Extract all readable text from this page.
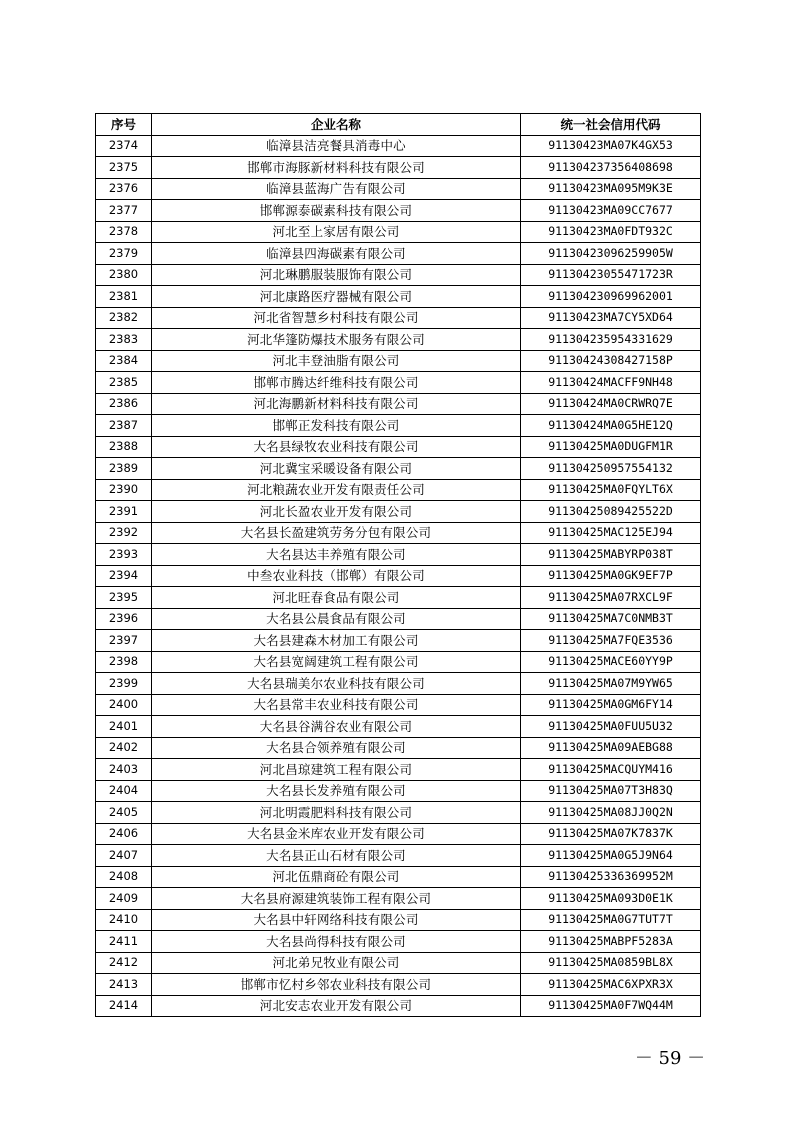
序号	企业名称	统一社会信用代码
2374	临漳县洁亮餐具消毒中心	91130423MA07K4GX53
2375	邯郸市海豚新材料科技有限公司	91130423735640869​8
2376	临漳县蓝海广告有限公司	91130423MA095M9K3E
2377	邯郸源泰碳素科技有限公司	91130423MA09CC7677
2378	河北至上家居有限公司	91130423MA0FDT932C
2379	临漳县四海碳素有限公司	91130423096259905W
2380	河北琳鹏服装服饰有限公司	91130423055471723R
2381	河北康路医疗器械有限公司	911304230969962001
2382	河北省智慧乡村科技有限公司	91130423MA7CY5XD64
2383	河北华篷防爆技术服务有限公司	911304235954331629
2384	河北丰登油脂有限公司	91130424308427158P
2385	邯郸市腾达纤维科技有限公司	91130424MACFF9NH48
2386	河北海鹏新材料科技有限公司	91130424MA0CRWRQ7E
2387	邯郸正发科技有限公司	91130424MA0G5HE12Q
2388	大名县绿牧农业科技有限公司	91130425MA0DUGFM1R
2389	河北冀宝采暖设备有限公司	911304250957554132
2390	河北粮蔬农业开发有限责任公司	91130425MA0FQYLT6X
2391	河北长盈农业开发有限公司	91130425089425522D
2392	大名县长盈建筑劳务分包有限公司	91130425MAC125EJ94
2393	大名县达丰养殖有限公司	91130425MABYRP038T
2394	中叁农业科技（邯郸）有限公司	91130425MA0GK9EF7P
2395	河北旺春食品有限公司	91130425MA07RXCL9F
2396	大名县公晨食品有限公司	91130425MA7C0NMB3T
2397	大名县建森木材加工有限公司	91130425MA7FQE3536
2398	大名县宽阔建筑工程有限公司	91130425MACE60YY9P
2399	大名县瑞美尔农业科技有限公司	91130425MA07M9YW65
2400	大名县常丰农业科技有限公司	91130425MA0GM6FY14
2401	大名县谷满谷农业有限公司	91130425MA0FUU5U32
2402	大名县合领养殖有限公司	91130425MA09AEBG88
2403	河北昌琼建筑工程有限公司	91130425MACQUYM416
2404	大名县长发养殖有限公司	91130425MA07T3H83Q
2405	河北明霞肥料科技有限公司	91130425MA08JJ0Q2N
2406	大名县金米库农业开发有限公司	91130425MA07K7837K
2407	大名县正山石材有限公司	91130425MA0G5J9N64
2408	河北伍鼎商砼有限公司	91130425336369952M
2409	大名县府源建筑装饰工程有限公司	91130425MA093D0E1K
2410	大名县中轩网络科技有限公司	91130425MA0G7TUT7T
2411	大名县尚得科技有限公司	91130425MABPF5283A
2412	河北弟兄牧业有限公司	91130425MA0859BL8X
2413	邯郸市忆村乡邻农业科技有限公司	91130425MAC6XPXR3X
2414	河北安志农业开发有限公司	91130425MA0F7WQ44M
－ 59 －
